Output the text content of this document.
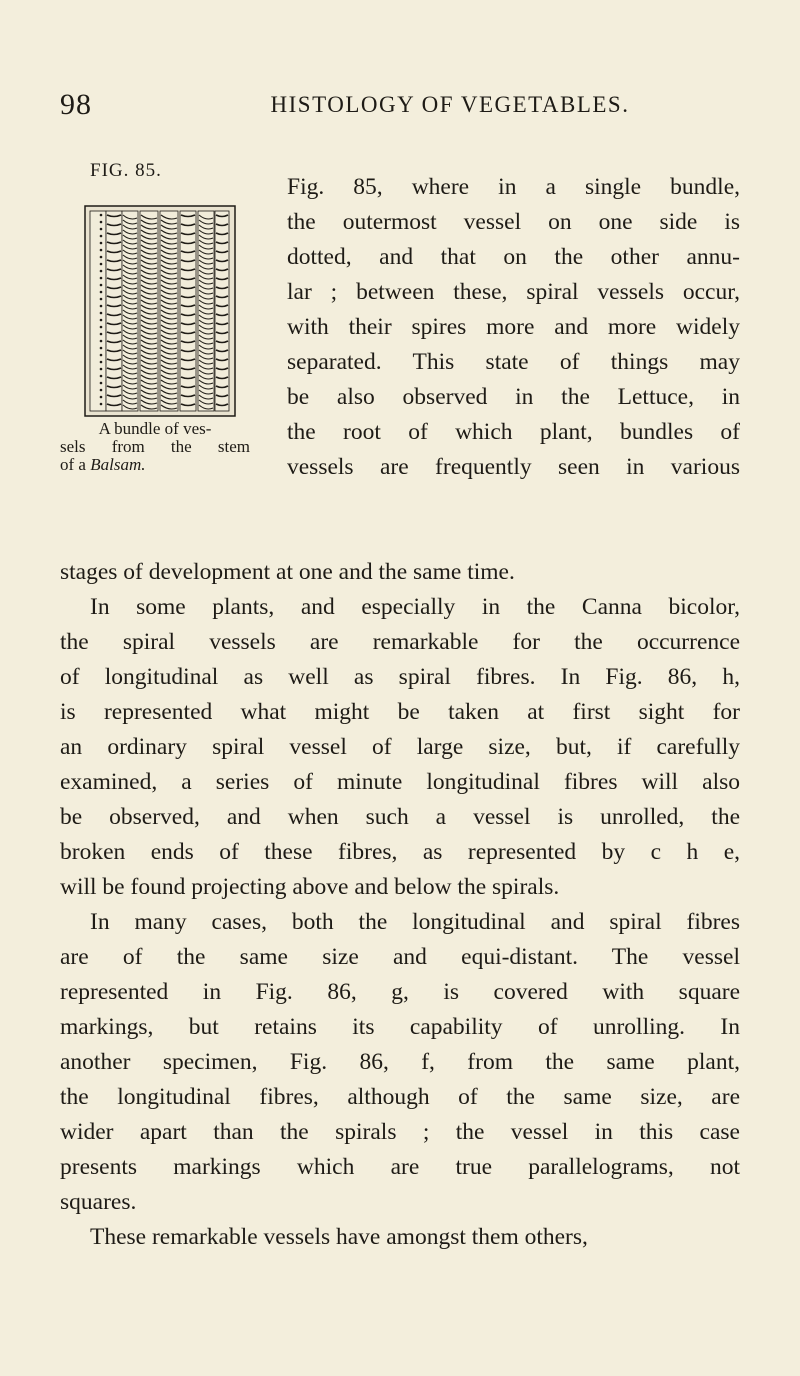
98	HISTOLOGY OF VEGETABLES.
FIG. 85.
A bundle of ves-
sels from the stem
of a Balsam.
Fig. 85, where in a single bundle,
the outermost vessel on one side is
dotted, and that on the other annu-
lar ; between these, spiral vessels occur,
with their spires more and more widely
separated. This state of things may
be also observed in the Lettuce, in
the root of which plant, bundles of
vessels are frequently seen in various
stages of development at one and the same time.
In some plants, and especially in the Canna bicolor,
the spiral vessels are remarkable for the occurrence
of longitudinal as well as spiral fibres. In Fig. 86, h,
is represented what might be taken at first sight for
an ordinary spiral vessel of large size, but, if carefully
examined, a series of minute longitudinal fibres will also
be observed, and when such a vessel is unrolled, the
broken ends of these fibres, as represented by c h e,
will be found projecting above and below the spirals.
In many cases, both the longitudinal and spiral fibres
are of the same size and equi-distant. The vessel
represented in Fig. 86, g, is covered with square
markings, but retains its capability of unrolling. In
another specimen, Fig. 86, f, from the same plant,
the longitudinal fibres, although of the same size, are
wider apart than the spirals ; the vessel in this case
presents markings which are true parallelograms, not
squares.
These remarkable vessels have amongst them others,
